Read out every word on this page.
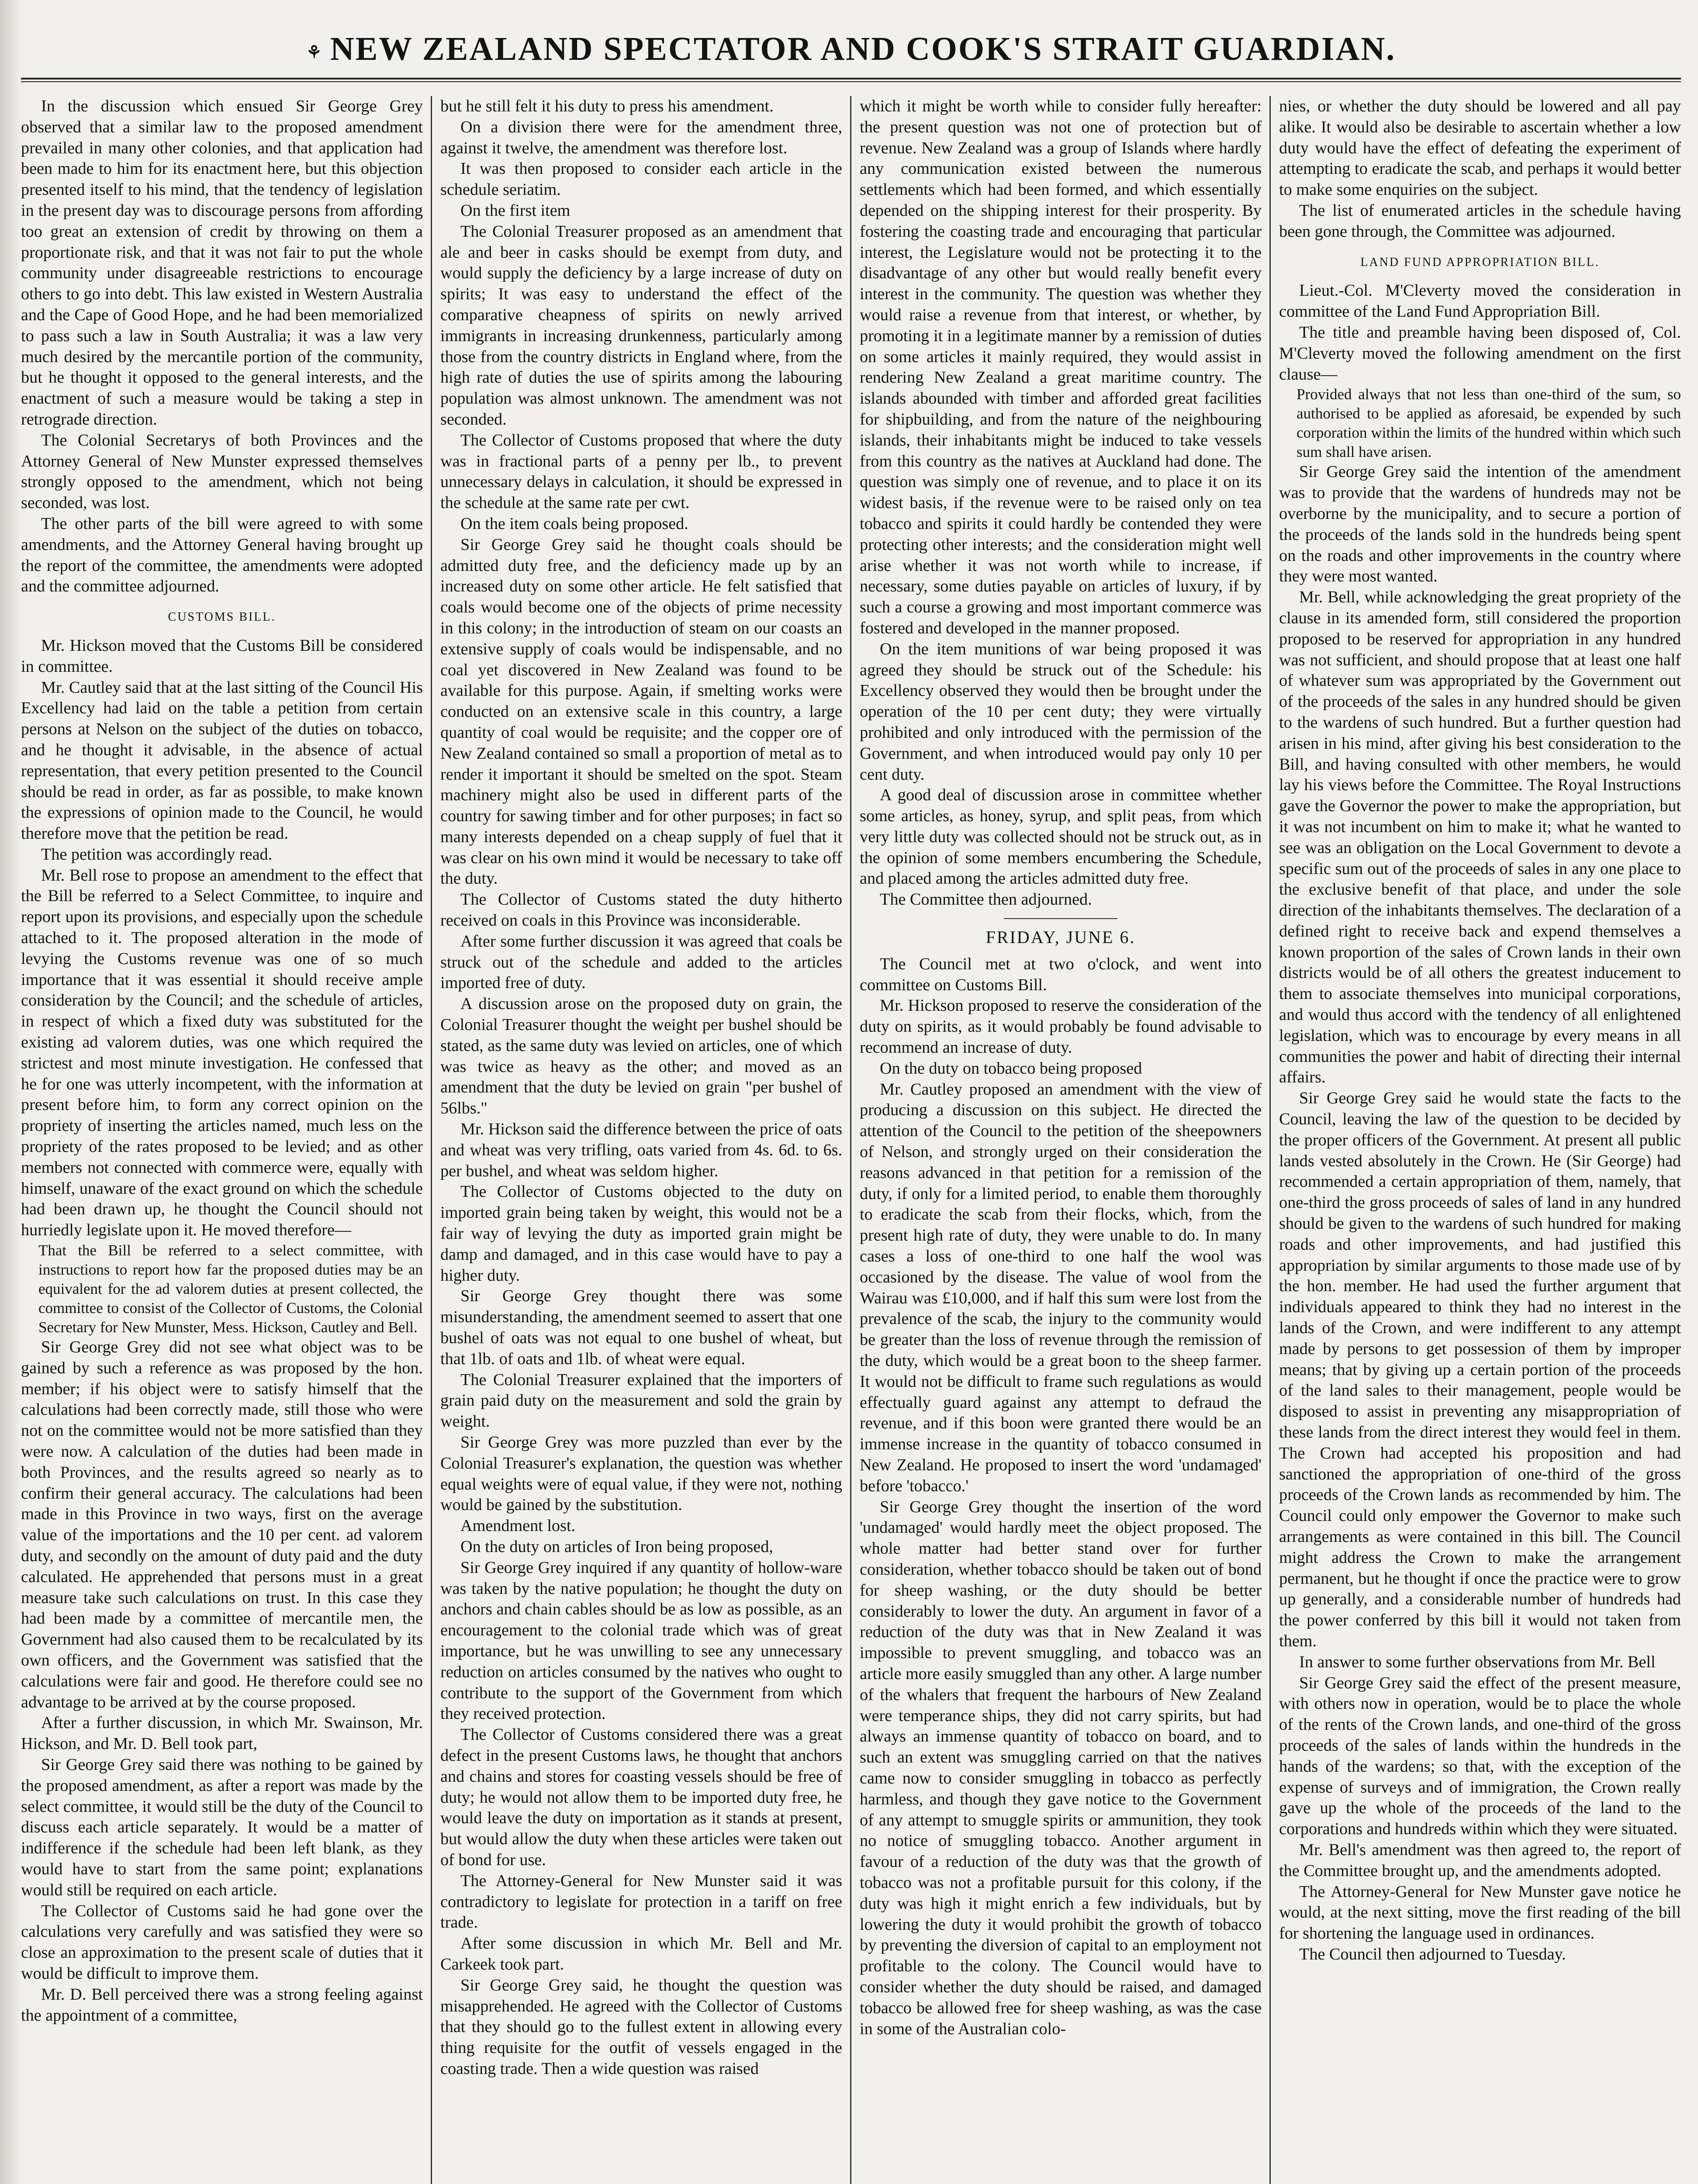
⚘ NEW ZEALAND SPECTATOR AND COOK'S STRAIT GUARDIAN.

In the discussion which ensued Sir George Grey observed that a similar law to the proposed amendment prevailed in many other colonies, and that application had been made to him for its enactment here, but this objection presented itself to his mind, that the tendency of legislation in the present day was to discourage persons from affording too great an extension of credit by throwing on them a proportionate risk, and that it was not fair to put the whole community under disagreeable restrictions to encourage others to go into debt. This law existed in Western Australia and the Cape of Good Hope, and he had been memorialized to pass such a law in South Australia; it was a law very much desired by the mercantile portion of the community, but he thought it opposed to the general interests, and the enactment of such a measure would be taking a step in retrograde direction.

The Colonial Secretarys of both Provinces and the Attorney General of New Munster expressed themselves strongly opposed to the amendment, which not being seconded, was lost.

The other parts of the bill were agreed to with some amendments, and the Attorney General having brought up the report of the committee, the amendments were adopted and the committee adjourned.

CUSTOMS BILL.

Mr. Hickson moved that the Customs Bill be considered in committee.

Mr. Cautley said that at the last sitting of the Council His Excellency had laid on the table a petition from certain persons at Nelson on the subject of the duties on tobacco, and he thought it advisable, in the absence of actual representation, that every petition presented to the Council should be read in order, as far as possible, to make known the expressions of opinion made to the Council, he would therefore move that the petition be read.

The petition was accordingly read.

Mr. Bell rose to propose an amendment to the effect that the Bill be referred to a Select Committee, to inquire and report upon its provisions, and especially upon the schedule attached to it. The proposed alteration in the mode of levying the Customs revenue was one of so much importance that it was essential it should receive ample consideration by the Council; and the schedule of articles, in respect of which a fixed duty was substituted for the existing ad valorem duties, was one which required the strictest and most minute investigation. He confessed that he for one was utterly incompetent, with the information at present before him, to form any correct opinion on the propriety of inserting the articles named, much less on the propriety of the rates proposed to be levied; and as other members not connected with commerce were, equally with himself, unaware of the exact ground on which the schedule had been drawn up, he thought the Council should not hurriedly legislate upon it. He moved therefore—

That the Bill be referred to a select committee, with instructions to report how far the proposed duties may be an equivalent for the ad valorem duties at present collected, the committee to consist of the Collector of Customs, the Colonial Secretary for New Munster, Mess. Hickson, Cautley and Bell.

Sir George Grey did not see what object was to be gained by such a reference as was proposed by the hon. member; if his object were to satisfy himself that the calculations had been correctly made, still those who were not on the committee would not be more satisfied than they were now. A calculation of the duties had been made in both Provinces, and the results agreed so nearly as to confirm their general accuracy. The calculations had been made in this Province in two ways, first on the average value of the importations and the 10 per cent. ad valorem duty, and secondly on the amount of duty paid and the duty calculated. He apprehended that persons must in a great measure take such calculations on trust. In this case they had been made by a committee of mercantile men, the Government had also caused them to be recalculated by its own officers, and the Government was satisfied that the calculations were fair and good. He therefore could see no advantage to be arrived at by the course proposed.

After a further discussion, in which Mr. Swainson, Mr. Hickson, and Mr. D. Bell took part,

Sir George Grey said there was nothing to be gained by the proposed amendment, as after a report was made by the select committee, it would still be the duty of the Council to discuss each article separately. It would be a matter of indifference if the schedule had been left blank, as they would have to start from the same point; explanations would still be required on each article.

The Collector of Customs said he had gone over the calculations very carefully and was satisfied they were so close an approximation to the present scale of duties that it would be difficult to improve them.

Mr. D. Bell perceived there was a strong feeling against the appointment of a committee,

but he still felt it his duty to press his amendment.

On a division there were for the amendment three, against it twelve, the amendment was therefore lost.

It was then proposed to consider each article in the schedule seriatim.

On the first item

The Colonial Treasurer proposed as an amendment that ale and beer in casks should be exempt from duty, and would supply the deficiency by a large increase of duty on spirits; It was easy to understand the effect of the comparative cheapness of spirits on newly arrived immigrants in increasing drunkenness, particularly among those from the country districts in England where, from the high rate of duties the use of spirits among the labouring population was almost unknown. The amendment was not seconded.

The Collector of Customs proposed that where the duty was in fractional parts of a penny per lb., to prevent unnecessary delays in calculation, it should be expressed in the schedule at the same rate per cwt.

On the item coals being proposed.

Sir George Grey said he thought coals should be admitted duty free, and the deficiency made up by an increased duty on some other article. He felt satisfied that coals would become one of the objects of prime necessity in this colony; in the introduction of steam on our coasts an extensive supply of coals would be indispensable, and no coal yet discovered in New Zealand was found to be available for this purpose. Again, if smelting works were conducted on an extensive scale in this country, a large quantity of coal would be requisite; and the copper ore of New Zealand contained so small a proportion of metal as to render it important it should be smelted on the spot. Steam machinery might also be used in different parts of the country for sawing timber and for other purposes; in fact so many interests depended on a cheap supply of fuel that it was clear on his own mind it would be necessary to take off the duty.

The Collector of Customs stated the duty hitherto received on coals in this Province was inconsiderable.

After some further discussion it was agreed that coals be struck out of the schedule and added to the articles imported free of duty.

A discussion arose on the proposed duty on grain, the Colonial Treasurer thought the weight per bushel should be stated, as the same duty was levied on articles, one of which was twice as heavy as the other; and moved as an amendment that the duty be levied on grain "per bushel of 56lbs."

Mr. Hickson said the difference between the price of oats and wheat was very trifling, oats varied from 4s. 6d. to 6s. per bushel, and wheat was seldom higher.

The Collector of Customs objected to the duty on imported grain being taken by weight, this would not be a fair way of levying the duty as imported grain might be damp and damaged, and in this case would have to pay a higher duty.

Sir George Grey thought there was some misunderstanding, the amendment seemed to assert that one bushel of oats was not equal to one bushel of wheat, but that 1lb. of oats and 1lb. of wheat were equal.

The Colonial Treasurer explained that the importers of grain paid duty on the measurement and sold the grain by weight.

Sir George Grey was more puzzled than ever by the Colonial Treasurer's explanation, the question was whether equal weights were of equal value, if they were not, nothing would be gained by the substitution.

Amendment lost.

On the duty on articles of Iron being proposed,

Sir George Grey inquired if any quantity of hollow-ware was taken by the native population; he thought the duty on anchors and chain cables should be as low as possible, as an encouragement to the colonial trade which was of great importance, but he was unwilling to see any unnecessary reduction on articles consumed by the natives who ought to contribute to the support of the Government from which they received protection.

The Collector of Customs considered there was a great defect in the present Customs laws, he thought that anchors and chains and stores for coasting vessels should be free of duty; he would not allow them to be imported duty free, he would leave the duty on importation as it stands at present, but would allow the duty when these articles were taken out of bond for use.

The Attorney-General for New Munster said it was contradictory to legislate for protection in a tariff on free trade.

After some discussion in which Mr. Bell and Mr. Carkeek took part.

Sir George Grey said, he thought the question was misapprehended. He agreed with the Collector of Customs that they should go to the fullest extent in allowing every thing requisite for the outfit of vessels engaged in the coasting trade. Then a wide question was raised

which it might be worth while to consider fully hereafter: the present question was not one of protection but of revenue. New Zealand was a group of Islands where hardly any communication existed between the numerous settlements which had been formed, and which essentially depended on the shipping interest for their prosperity. By fostering the coasting trade and encouraging that particular interest, the Legislature would not be protecting it to the disadvantage of any other but would really benefit every interest in the community. The question was whether they would raise a revenue from that interest, or whether, by promoting it in a legitimate manner by a remission of duties on some articles it mainly required, they would assist in rendering New Zealand a great maritime country. The islands abounded with timber and afforded great facilities for shipbuilding, and from the nature of the neighbouring islands, their inhabitants might be induced to take vessels from this country as the natives at Auckland had done. The question was simply one of revenue, and to place it on its widest basis, if the revenue were to be raised only on tea tobacco and spirits it could hardly be contended they were protecting other interests; and the consideration might well arise whether it was not worth while to increase, if necessary, some duties payable on articles of luxury, if by such a course a growing and most important commerce was fostered and developed in the manner proposed.

On the item munitions of war being proposed it was agreed they should be struck out of the Schedule: his Excellency observed they would then be brought under the operation of the 10 per cent duty; they were virtually prohibited and only introduced with the permission of the Government, and when introduced would pay only 10 per cent duty.

A good deal of discussion arose in committee whether some articles, as honey, syrup, and split peas, from which very little duty was collected should not be struck out, as in the opinion of some members encumbering the Schedule, and placed among the articles admitted duty free.

The Committee then adjourned.

FRIDAY, JUNE 6.

The Council met at two o'clock, and went into committee on Customs Bill.

Mr. Hickson proposed to reserve the consideration of the duty on spirits, as it would probably be found advisable to recommend an increase of duty.

On the duty on tobacco being proposed

Mr. Cautley proposed an amendment with the view of producing a discussion on this subject. He directed the attention of the Council to the petition of the sheepowners of Nelson, and strongly urged on their consideration the reasons advanced in that petition for a remission of the duty, if only for a limited period, to enable them thoroughly to eradicate the scab from their flocks, which, from the present high rate of duty, they were unable to do. In many cases a loss of one-third to one half the wool was occasioned by the disease. The value of wool from the Wairau was £10,000, and if half this sum were lost from the prevalence of the scab, the injury to the community would be greater than the loss of revenue through the remission of the duty, which would be a great boon to the sheep farmer. It would not be difficult to frame such regulations as would effectually guard against any attempt to defraud the revenue, and if this boon were granted there would be an immense increase in the quantity of tobacco consumed in New Zealand. He proposed to insert the word 'undamaged' before 'tobacco.'

Sir George Grey thought the insertion of the word 'undamaged' would hardly meet the object proposed. The whole matter had better stand over for further consideration, whether tobacco should be taken out of bond for sheep washing, or the duty should be better considerably to lower the duty. An argument in favor of a reduction of the duty was that in New Zealand it was impossible to prevent smuggling, and tobacco was an article more easily smuggled than any other. A large number of the whalers that frequent the harbours of New Zealand were temperance ships, they did not carry spirits, but had always an immense quantity of tobacco on board, and to such an extent was smuggling carried on that the natives came now to consider smuggling in tobacco as perfectly harmless, and though they gave notice to the Government of any attempt to smuggle spirits or ammunition, they took no notice of smuggling tobacco. Another argument in favour of a reduction of the duty was that the growth of tobacco was not a profitable pursuit for this colony, if the duty was high it might enrich a few individuals, but by lowering the duty it would prohibit the growth of tobacco by preventing the diversion of capital to an employment not profitable to the colony. The Council would have to consider whether the duty should be raised, and damaged tobacco be allowed free for sheep washing, as was the case in some of the Australian colo-

nies, or whether the duty should be lowered and all pay alike. It would also be desirable to ascertain whether a low duty would have the effect of defeating the experiment of attempting to eradicate the scab, and perhaps it would better to make some enquiries on the subject.

The list of enumerated articles in the schedule having been gone through, the Committee was adjourned.

LAND FUND APPROPRIATION BILL.

Lieut.-Col. M'Cleverty moved the consideration in committee of the Land Fund Appropriation Bill.

The title and preamble having been disposed of, Col. M'Cleverty moved the following amendment on the first clause—

Provided always that not less than one-third of the sum, so authorised to be applied as aforesaid, be expended by such corporation within the limits of the hundred within which such sum shall have arisen.

Sir George Grey said the intention of the amendment was to provide that the wardens of hundreds may not be overborne by the municipality, and to secure a portion of the proceeds of the lands sold in the hundreds being spent on the roads and other improvements in the country where they were most wanted.

Mr. Bell, while acknowledging the great propriety of the clause in its amended form, still considered the proportion proposed to be reserved for appropriation in any hundred was not sufficient, and should propose that at least one half of whatever sum was appropriated by the Government out of the proceeds of the sales in any hundred should be given to the wardens of such hundred. But a further question had arisen in his mind, after giving his best consideration to the Bill, and having consulted with other members, he would lay his views before the Committee. The Royal Instructions gave the Governor the power to make the appropriation, but it was not incumbent on him to make it; what he wanted to see was an obligation on the Local Government to devote a specific sum out of the proceeds of sales in any one place to the exclusive benefit of that place, and under the sole direction of the inhabitants themselves. The declaration of a defined right to receive back and expend themselves a known proportion of the sales of Crown lands in their own districts would be of all others the greatest inducement to them to associate themselves into municipal corporations, and would thus accord with the tendency of all enlightened legislation, which was to encourage by every means in all communities the power and habit of directing their internal affairs.

Sir George Grey said he would state the facts to the Council, leaving the law of the question to be decided by the proper officers of the Government. At present all public lands vested absolutely in the Crown. He (Sir George) had recommended a certain appropriation of them, namely, that one-third the gross proceeds of sales of land in any hundred should be given to the wardens of such hundred for making roads and other improvements, and had justified this appropriation by similar arguments to those made use of by the hon. member. He had used the further argument that individuals appeared to think they had no interest in the lands of the Crown, and were indifferent to any attempt made by persons to get possession of them by improper means; that by giving up a certain portion of the proceeds of the land sales to their management, people would be disposed to assist in preventing any misappropriation of these lands from the direct interest they would feel in them. The Crown had accepted his proposition and had sanctioned the appropriation of one-third of the gross proceeds of the Crown lands as recommended by him. The Council could only empower the Governor to make such arrangements as were contained in this bill. The Council might address the Crown to make the arrangement permanent, but he thought if once the practice were to grow up generally, and a considerable number of hundreds had the power conferred by this bill it would not taken from them.

In answer to some further observations from Mr. Bell

Sir George Grey said the effect of the present measure, with others now in operation, would be to place the whole of the rents of the Crown lands, and one-third of the gross proceeds of the sales of lands within the hundreds in the hands of the wardens; so that, with the exception of the expense of surveys and of immigration, the Crown really gave up the whole of the proceeds of the land to the corporations and hundreds within which they were situated.

Mr. Bell's amendment was then agreed to, the report of the Committee brought up, and the amendments adopted.

The Attorney-General for New Munster gave notice he would, at the next sitting, move the first reading of the bill for shortening the language used in ordinances.

The Council then adjourned to Tuesday.
